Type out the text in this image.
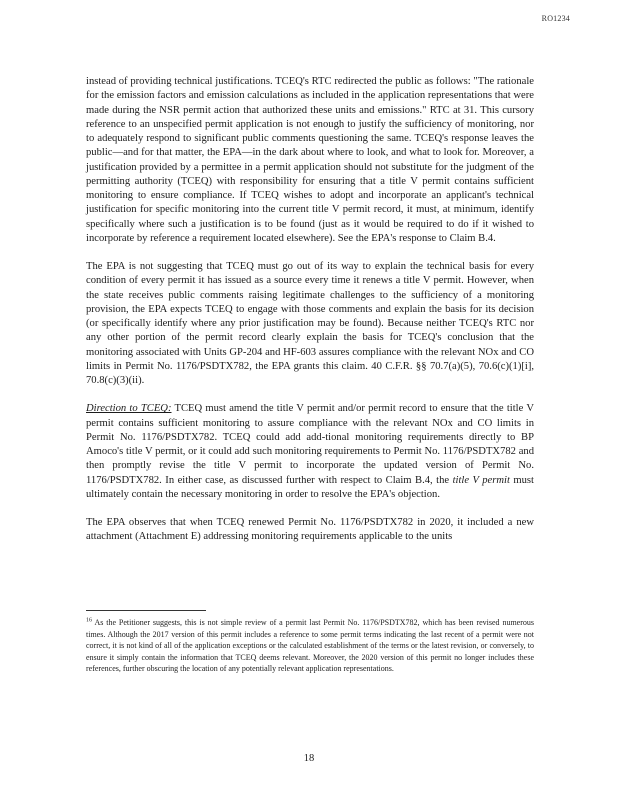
RO1234

instead of providing technical justifications. TCEQ's RTC redirected the public as follows: "The rationale for the emission factors and emission calculations as included in the application representations that were made during the NSR permit action that authorized these units and emissions." RTC at 31. This cursory reference to an unspecified permit application is not enough to justify the sufficiency of monitoring, nor to adequately respond to significant public comments questioning the same. TCEQ's response leaves the public—and for that matter, the EPA—in the dark about where to look, and what to look for. Moreover, a justification provided by a permittee in a permit application should not substitute for the judgment of the permitting authority (TCEQ) with responsibility for ensuring that a title V permit contains sufficient monitoring to ensure compliance. If TCEQ wishes to adopt and incorporate an applicant's technical justification for specific monitoring into the current title V permit record, it must, at minimum, identify specifically where such a justification is to be found (just as it would be required to do if it wished to incorporate by reference a requirement located elsewhere). See the EPA's response to Claim B.4.

The EPA is not suggesting that TCEQ must go out of its way to explain the technical basis for every condition of every permit it has issued as a source every time it renews a title V permit. However, when the state receives public comments raising legitimate challenges to the sufficiency of a monitoring provision, the EPA expects TCEQ to engage with those comments and explain the basis for its decision (or specifically identify where any prior justification may be found). Because neither TCEQ's RTC nor any other portion of the permit record clearly explain the basis for TCEQ's conclusion that the monitoring associated with Units GP-204 and HF-603 assures compliance with the relevant NOx and CO limits in Permit No. 1176/PSDTX782, the EPA grants this claim. 40 C.F.R. §§ 70.7(a)(5), 70.6(c)(1)[i], 70.8(c)(3)(ii).

Direction to TCEQ: TCEQ must amend the title V permit and/or permit record to ensure that the title V permit contains sufficient monitoring to assure compliance with the relevant NOx and CO limits in Permit No. 1176/PSDTX782. TCEQ could add add-tional monitoring requirements directly to BP Amoco's title V permit, or it could add such monitoring requirements to Permit No. 1176/PSDTX782 and then promptly revise the title V permit to incorporate the updated version of Permit No. 1176/PSDTX782. In either case, as discussed further with respect to Claim B.4, the title V permit must ultimately contain the necessary monitoring in order to resolve the EPA's objection.

The EPA observes that when TCEQ renewed Permit No. 1176/PSDTX782 in 2020, it included a new attachment (Attachment E) addressing monitoring requirements applicable to the units

$^{16}$ As the Petitioner suggests, this is not simple review of a permit last Permit No. 1176/PSDTX782, which has been revised numerous times. Although the 2017 version of this permit includes a reference to some permit terms indicating the last recent of a permit were not correct, it is not kind of all of the application exceptions or the calculated establishment of the terms or the latest revision, or conversely, to ensure it simply contain the information that TCEQ deems relevant. Moreover, the 2020 version of this permit no longer includes these references, further obscuring the location of any potentially relevant application representations.
18
